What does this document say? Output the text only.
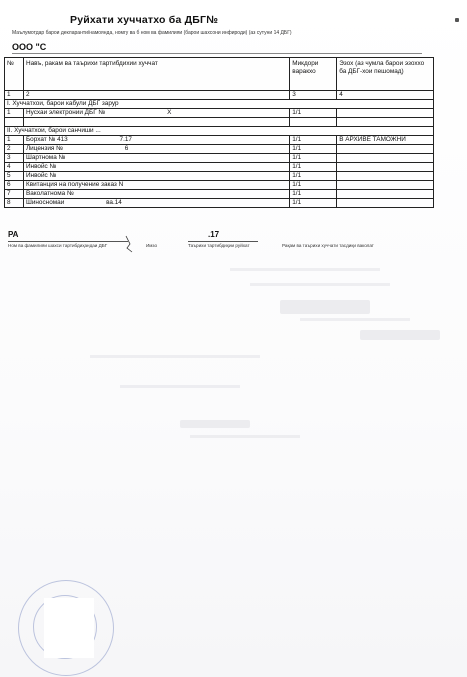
Руйхати хуччатхо ба ДБГ№
Маълумотдар барои декларанти/намоянда, номгу ва б ном ва фамилияи (барои шахсони инфироди) (аз сутуни 14 ДБГ)
ООО "С
№	Навъ, ракам ва таърихи тартибдихии хуччат	Микдори варакхо	Эзох (аз чумла барои эзоххо ба ДБГ-хои пешомад)
1	2	3	4
I. Хуччатхои, барои кабули ДБГ зарур			
1	Нусхаи электронии ДБГ № Х	1/1	

II. Хуччатхои, барои санчиши ...			
1	Борхат № 413 7.17	1/1	В АРХИВЕ ТАМОЖНИ
2	Лицензия № 6	1/1	
3	Шартнома №	1/1	
4	Инвойс №	1/1	
5	Инвойс №	1/1	
6	Квитанция на получение заказ N	1/1	
7	Ваколатнома №	1/1	
8	Шиносномаи ва.14	1/1	
РА	.17
Ном ва фамилияи шахси тартибдиҳандаи ДБГ	Имзо	Таърихи тартибдиҳии руйхат	Рақам ва таърихи хуччати тасдиқи ваколат
